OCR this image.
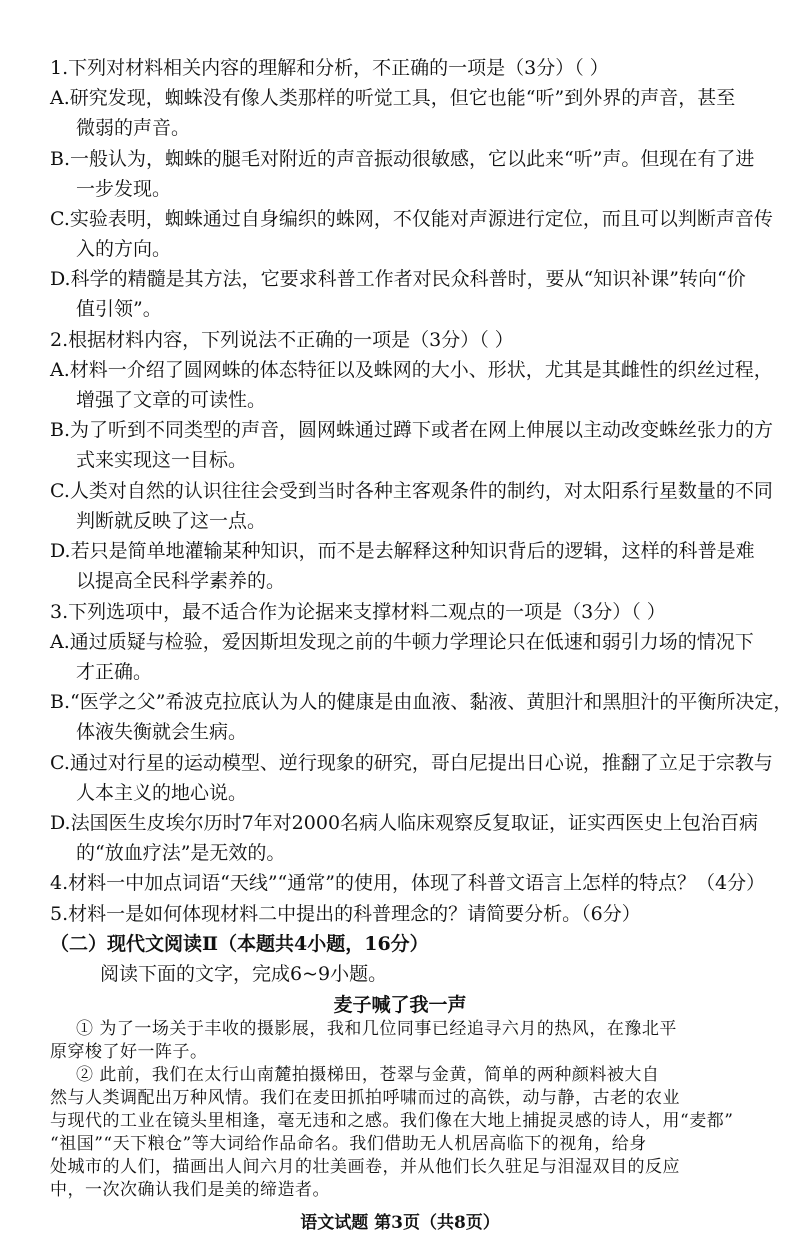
1.下列对材料相关内容的理解和分析，不正确的一项是（3分）（ ）
A.研究发现，蜘蛛没有像人类那样的听觉工具，但它也能“听”到外界的声音，甚至
微弱的声音。
B.一般认为，蜘蛛的腿毛对附近的声音振动很敏感，它以此来“听”声。但现在有了进
一步发现。
C.实验表明，蜘蛛通过自身编织的蛛网，不仅能对声源进行定位，而且可以判断声音传
入的方向。
D.科学的精髓是其方法，它要求科普工作者对民众科普时，要从“知识补课”转向“价
值引领”。
2.根据材料内容，下列说法不正确的一项是（3分）（ ）
A.材料一介绍了圆网蛛的体态特征以及蛛网的大小、形状，尤其是其雌性的织丝过程，
增强了文章的可读性。
B.为了听到不同类型的声音，圆网蛛通过蹲下或者在网上伸展以主动改变蛛丝张力的方
式来实现这一目标。
C.人类对自然的认识往往会受到当时各种主客观条件的制约，对太阳系行星数量的不同
判断就反映了这一点。
D.若只是简单地灌输某种知识，而不是去解释这种知识背后的逻辑，这样的科普是难
以提高全民科学素养的。
3.下列选项中，最不适合作为论据来支撑材料二观点的一项是（3分）（ ）
A.通过质疑与检验，爱因斯坦发现之前的牛顿力学理论只在低速和弱引力场的情况下
才正确。
B.“医学之父”希波克拉底认为人的健康是由血液、黏液、黄胆汁和黑胆汁的平衡所决定，
体液失衡就会生病。
C.通过对行星的运动模型、逆行现象的研究，哥白尼提出日心说，推翻了立足于宗教与
人本主义的地心说。
D.法国医生皮埃尔历时7年对2000名病人临床观察反复取证，证实西医史上包治百病
的“放血疗法”是无效的。
4.材料一中加点词语“天线”“通常”的使用，体现了科普文语言上怎样的特点？（4分）
5.材料一是如何体现材料二中提出的科普理念的？请简要分析。（6分）
（二）现代文阅读Ⅱ（本题共4小题，16分）
阅读下面的文字，完成6~9小题。
麦子喊了我一声
① 为了一场关于丰收的摄影展，我和几位同事已经追寻六月的热风，在豫北平
原穿梭了好一阵子。
② 此前，我们在太行山南麓拍摄梯田，苍翠与金黄，简单的两种颜料被大自
然与人类调配出万种风情。我们在麦田抓拍呼啸而过的高铁，动与静，古老的农业
与现代的工业在镜头里相逢，毫无违和之感。我们像在大地上捕捉灵感的诗人，用“麦都”
语文试题 第3页（共8页）
“祖国”“天下粮仓”等大词给作品命名。我们借助无人机居高临下的视角，给身
处城市的人们，描画出人间六月的壮美画卷，并从他们长久驻足与泪湿双目的反应
中，一次次确认我们是美的缔造者。
